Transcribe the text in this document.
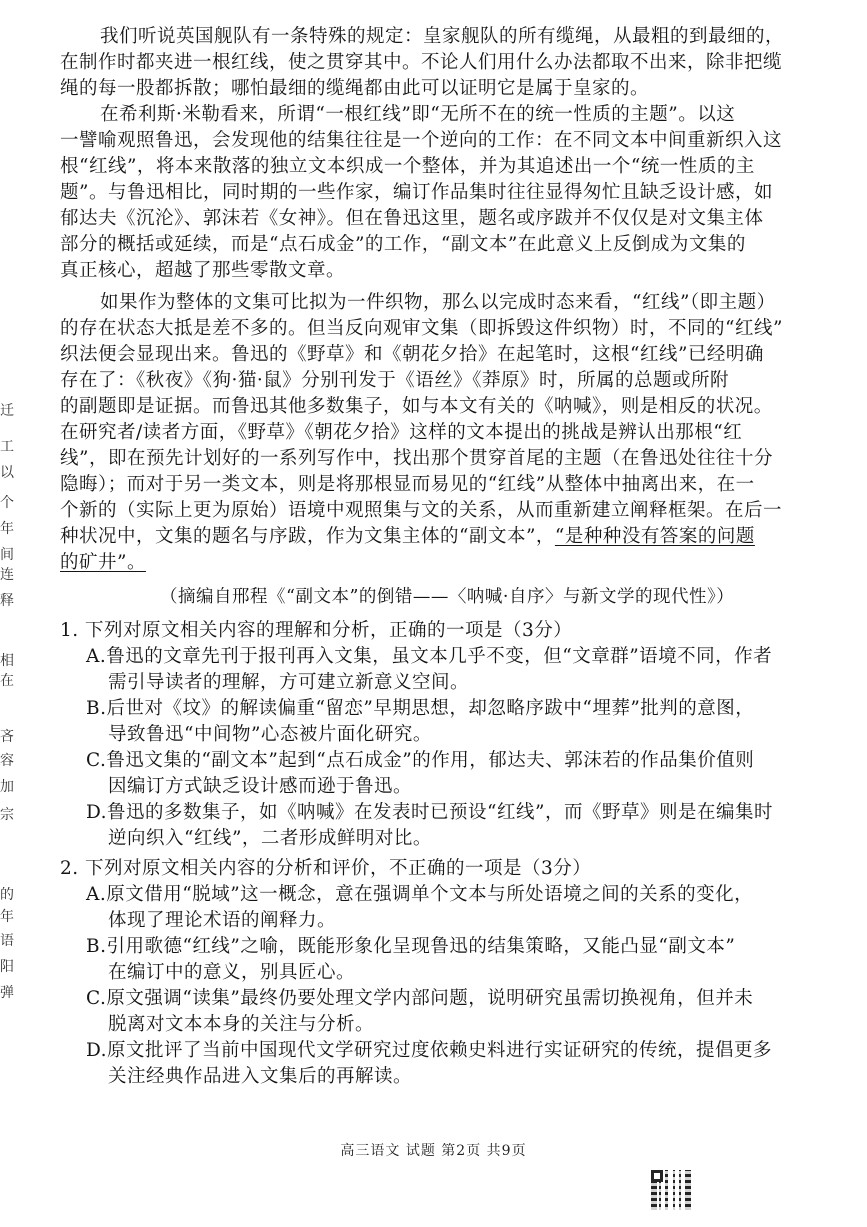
我们听说英国舰队有一条特殊的规定：皇家舰队的所有缆绳，从最粗的到最细的，
在制作时都夹进一根红线，使之贯穿其中。不论人们用什么办法都取不出来，除非把缆
绳的每一股都拆散；哪怕最细的缆绳都由此可以证明它是属于皇家的。
在希利斯·米勒看来，所谓“一根红线”即“无所不在的统一性质的主题”。以这
一譬喻观照鲁迅，会发现他的结集往往是一个逆向的工作：在不同文本中间重新织入这
根“红线”，将本来散落的独立文本织成一个整体，并为其追述出一个“统一性质的主
题”。与鲁迅相比，同时期的一些作家，编订作品集时往往显得匆忙且缺乏设计感，如
郁达夫《沉沦》、郭沫若《女神》。但在鲁迅这里，题名或序跋并不仅仅是对文集主体
部分的概括或延续，而是“点石成金”的工作，“副文本”在此意义上反倒成为文集的
真正核心，超越了那些零散文章。
如果作为整体的文集可比拟为一件织物，那么以完成时态来看，“红线”（即主题）
的存在状态大抵是差不多的。但当反向观审文集（即拆毁这件织物）时，不同的“红线”
织法便会显现出来。鲁迅的《野草》和《朝花夕拾》在起笔时，这根“红线”已经明确
存在了：《秋夜》《狗·猫·鼠》分别刊发于《语丝》《莽原》时，所属的总题或所附
的副题即是证据。而鲁迅其他多数集子，如与本文有关的《呐喊》，则是相反的状况。
在研究者/读者方面，《野草》《朝花夕拾》这样的文本提出的挑战是辨认出那根“红
线”，即在预先计划好的一系列写作中，找出那个贯穿首尾的主题（在鲁迅处往往十分
隐晦）；而对于另一类文本，则是将那根显而易见的“红线”从整体中抽离出来，在一
个新的（实际上更为原始）语境中观照集与文的关系，从而重新建立阐释框架。在后一
种状况中，文集的题名与序跋，作为文集主体的“副文本”，“是种种没有答案的问题
的矿井”。
（摘编自邢程《“副文本”的倒错——〈呐喊·自序〉与新文学的现代性》）
1. 下列对原文相关内容的理解和分析，正确的一项是（3分）
A.鲁迅的文章先刊于报刊再入文集，虽文本几乎不变，但“文章群”语境不同，作者
需引导读者的理解，方可建立新意义空间。
B.后世对《坟》的解读偏重“留恋”早期思想，却忽略序跋中“埋葬”批判的意图，
导致鲁迅“中间物”心态被片面化研究。
C.鲁迅文集的“副文本”起到“点石成金”的作用，郁达夫、郭沫若的作品集价值则
因编订方式缺乏设计感而逊于鲁迅。
D.鲁迅的多数集子，如《呐喊》在发表时已预设“红线”，而《野草》则是在编集时
逆向织入“红线”，二者形成鲜明对比。
2. 下列对原文相关内容的分析和评价，不正确的一项是（3分）
A.原文借用“脱域”这一概念，意在强调单个文本与所处语境之间的关系的变化，
体现了理论术语的阐释力。
B.引用歌德“红线”之喻，既能形象化呈现鲁迅的结集策略，又能凸显“副文本”
在编订中的意义，别具匠心。
C.原文强调“读集”最终仍要处理文学内部问题，说明研究虽需切换视角，但并未
脱离对文本本身的关注与分析。
D.原文批评了当前中国现代文学研究过度依赖史料进行实证研究的传统，提倡更多
关注经典作品进入文集后的再解读。
迁
工
以
个
年
间
连
释
相
在
吝
容
加
宗
的
年
语
阳
弹
高三语文 试题 第2页 共9页
